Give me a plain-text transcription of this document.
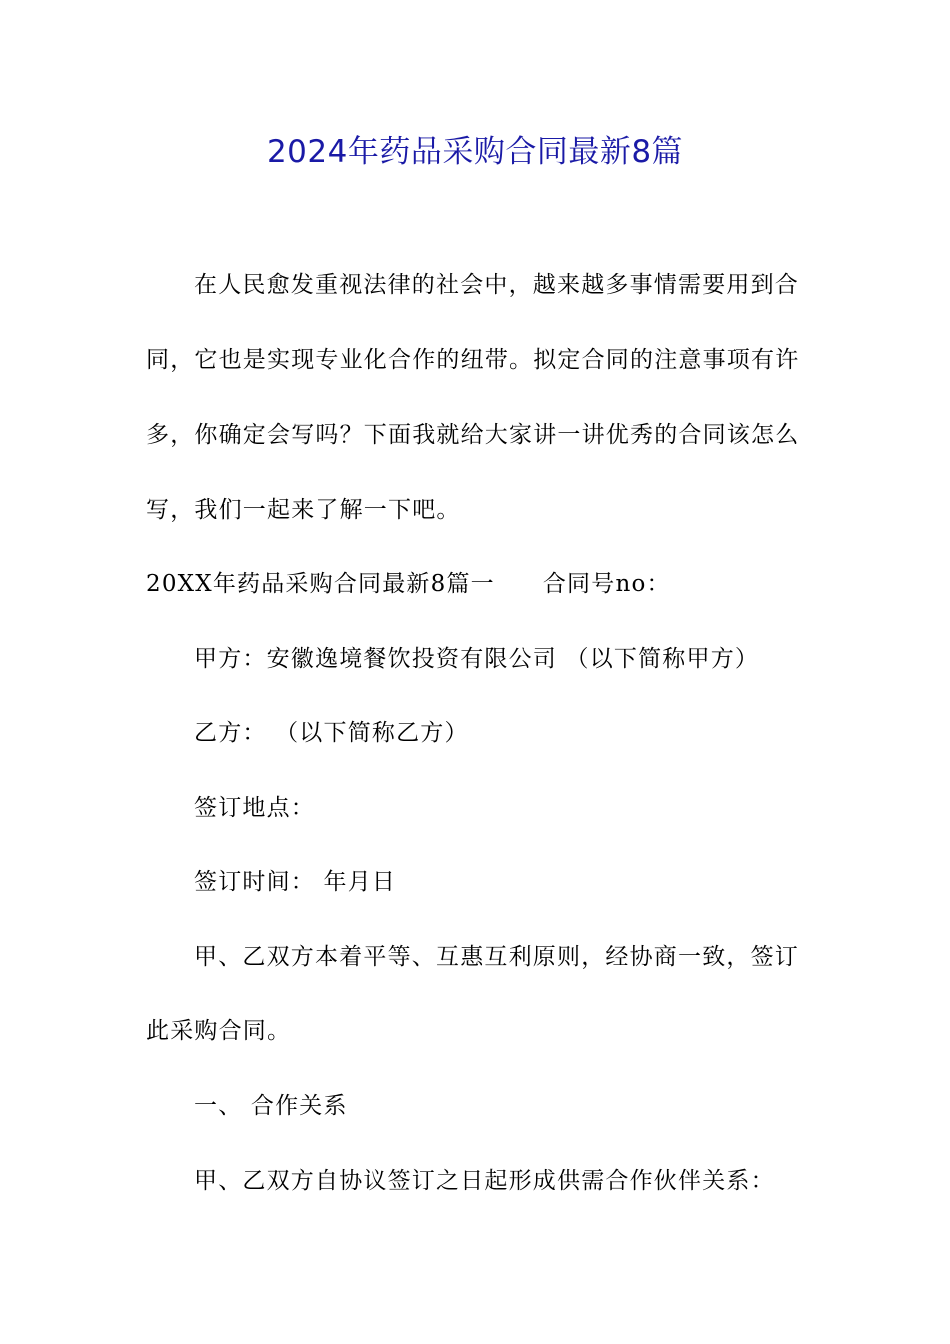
2024年药品采购合同最新8篇
在人民愈发重视法律的社会中，越来越多事情需要用到合
同，它也是实现专业化合作的纽带。拟定合同的注意事项有许
多，你确定会写吗？下面我就给大家讲一讲优秀的合同该怎么
写，我们一起来了解一下吧。
20XX年药品采购合同最新8篇一 合同号no：
甲方：安徽逸境餐饮投资有限公司 （以下简称甲方）
乙方： （以下简称乙方）
签订地点：
签订时间： 年月日
甲、乙双方本着平等、互惠互利原则，经协商一致，签订
此采购合同。
一、 合作关系
甲、乙双方自协议签订之日起形成供需合作伙伴关系：
